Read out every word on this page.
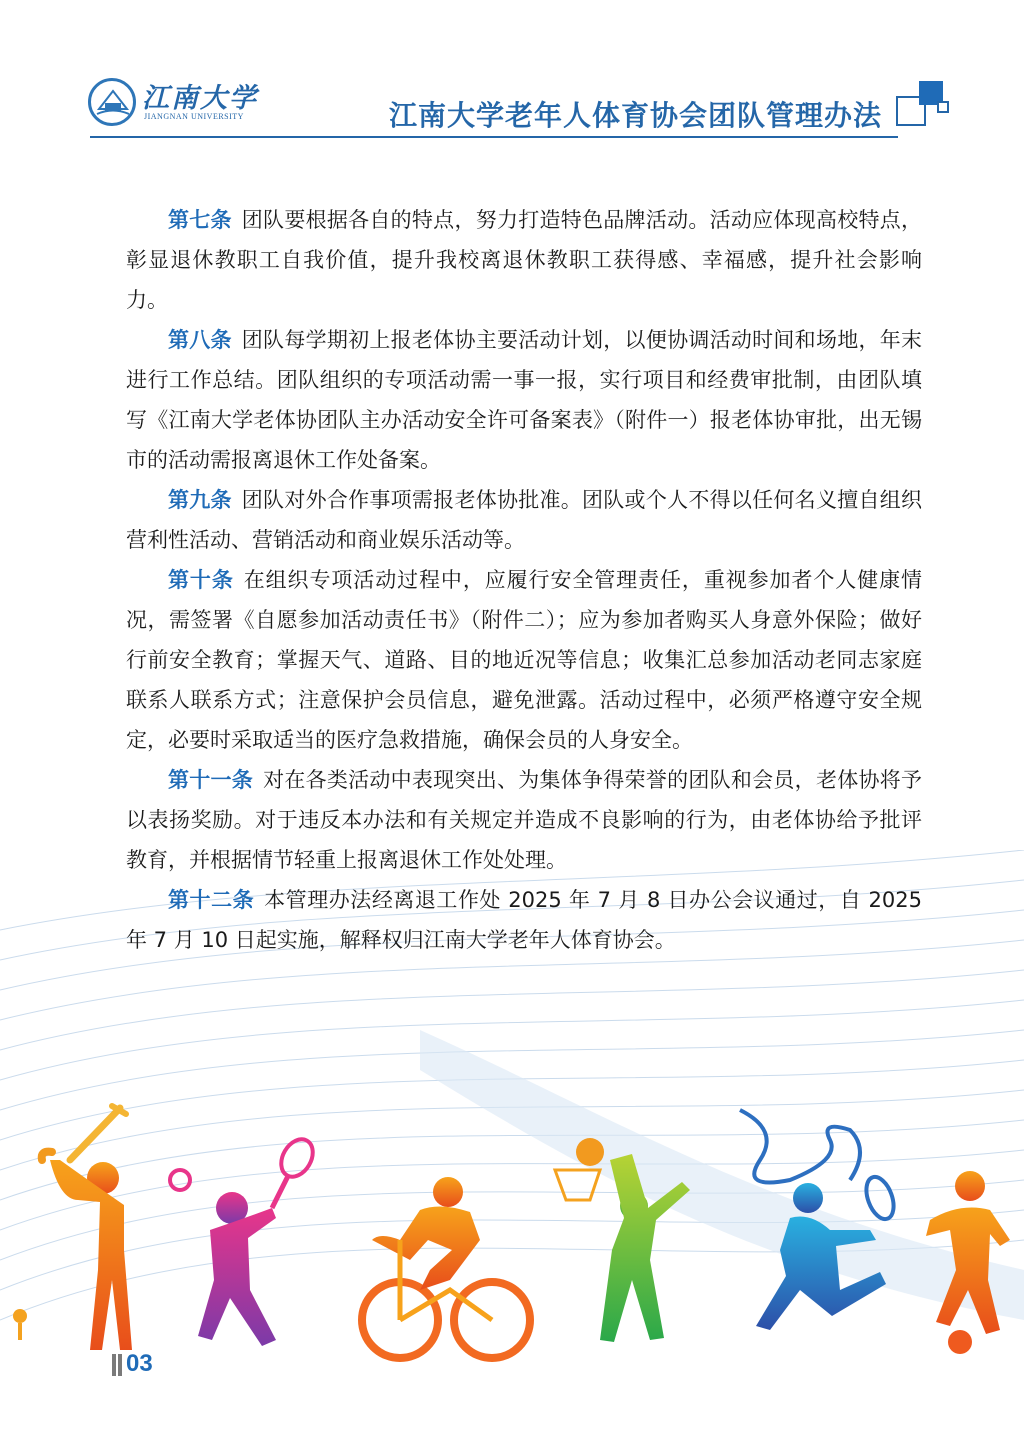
江南大学
JIANGNAN UNIVERSITY	江南大学老年人体育协会团队管理办法

第七条 团队要根据各自的特点，努力打造特色品牌活动。活动应体现高校特点，彰显退休教职工自我价值，提升我校离退休教职工获得感、幸福感，提升社会影响力。

第八条 团队每学期初上报老体协主要活动计划，以便协调活动时间和场地，年末进行工作总结。团队组织的专项活动需一事一报，实行项目和经费审批制，由团队填写《江南大学老体协团队主办活动安全许可备案表》（附件一）报老体协审批，出无锡市的活动需报离退休工作处备案。

第九条 团队对外合作事项需报老体协批准。团队或个人不得以任何名义擅自组织营利性活动、营销活动和商业娱乐活动等。

第十条 在组织专项活动过程中，应履行安全管理责任，重视参加者个人健康情况，需签署《自愿参加活动责任书》（附件二）；应为参加者购买人身意外保险；做好行前安全教育；掌握天气、道路、目的地近况等信息；收集汇总参加活动老同志家庭联系人联系方式；注意保护会员信息，避免泄露。活动过程中，必须严格遵守安全规定，必要时采取适当的医疗急救措施，确保会员的人身安全。

第十一条 对在各类活动中表现突出、为集体争得荣誉的团队和会员，老体协将予以表扬奖励。对于违反本办法和有关规定并造成不良影响的行为，由老体协给予批评教育，并根据情节轻重上报离退休工作处处理。

第十二条 本管理办法经离退工作处 2025 年 7 月 8 日办公会议通过，自 2025 年 7 月 10 日起实施，解释权归江南大学老年人体育协会。

03
